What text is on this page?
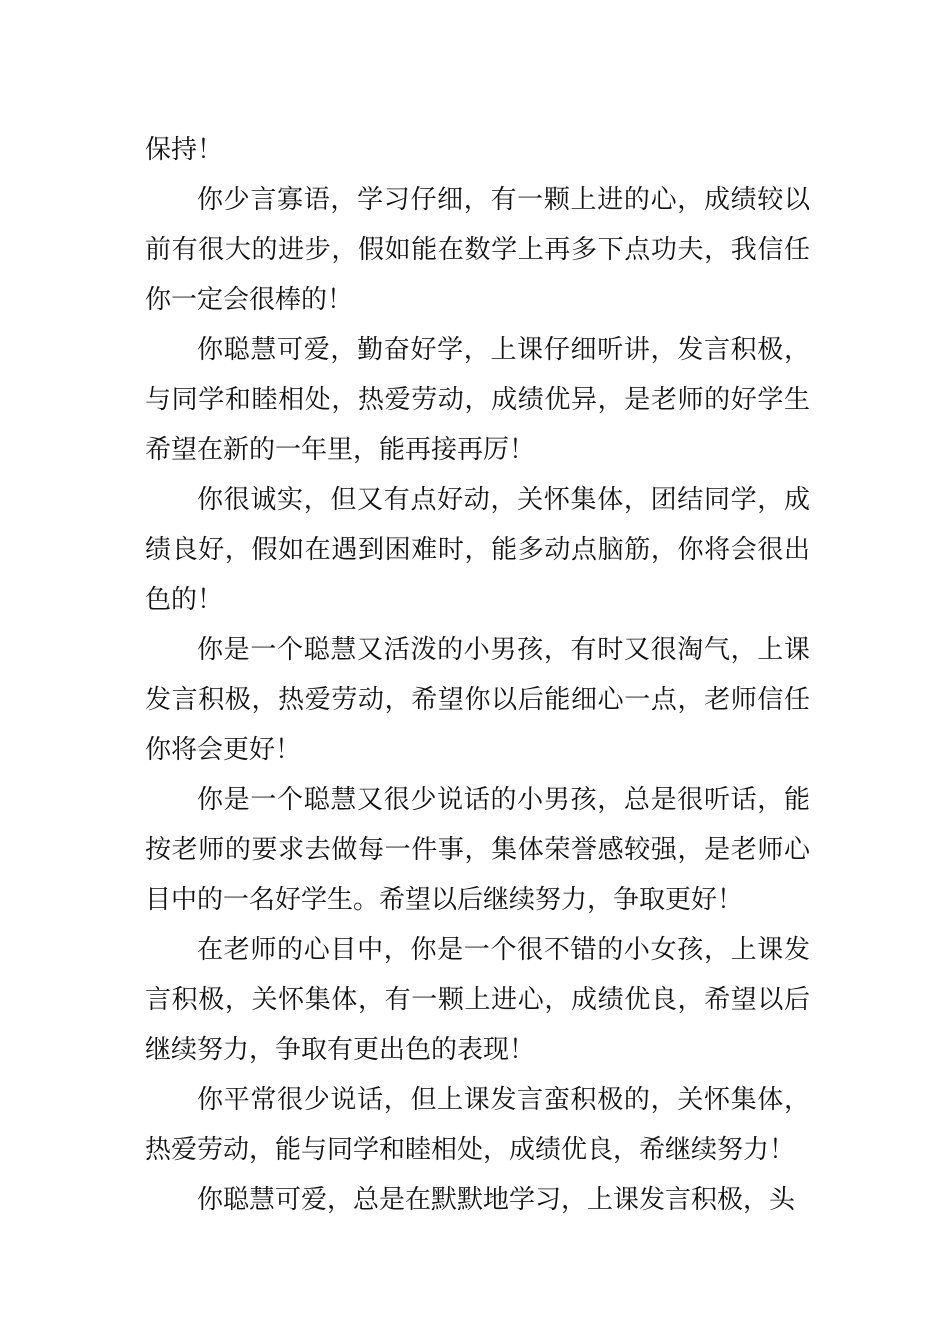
保持！

你少言寡语，学习仔细，有一颗上进的心，成绩较以前有很大的进步，假如能在数学上再多下点功夫，我信任你一定会很棒的！

你聪慧可爱，勤奋好学，上课仔细听讲，发言积极，与同学和睦相处，热爱劳动，成绩优异，是老师的好学生希望在新的一年里，能再接再厉！

你很诚实，但又有点好动，关怀集体，团结同学，成绩良好，假如在遇到困难时，能多动点脑筋，你将会很出色的！

你是一个聪慧又活泼的小男孩，有时又很淘气，上课发言积极，热爱劳动，希望你以后能细心一点，老师信任你将会更好！

你是一个聪慧又很少说话的小男孩，总是很听话，能按老师的要求去做每一件事，集体荣誉感较强，是老师心目中的一名好学生。希望以后继续努力，争取更好！

在老师的心目中，你是一个很不错的小女孩，上课发言积极，关怀集体，有一颗上进心，成绩优良，希望以后继续努力，争取有更出色的表现！

你平常很少说话，但上课发言蛮积极的，关怀集体，热爱劳动，能与同学和睦相处，成绩优良，希继续努力！

你聪慧可爱，总是在默默地学习，上课发言积极，头
